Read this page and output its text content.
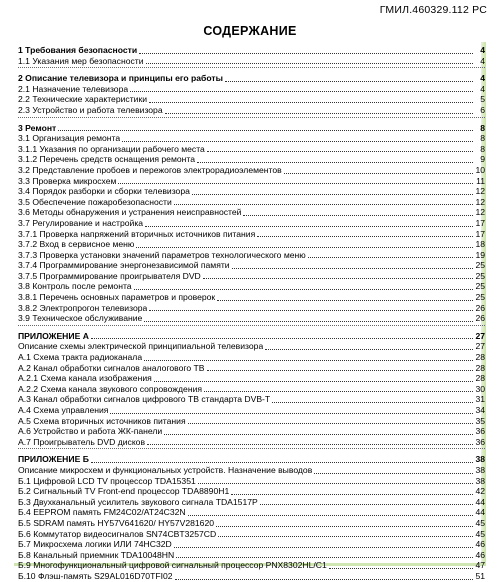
ГМИЛ.460329.112 РС
СОДЕРЖАНИЕ
1 Требования безопасности	4
1.1 Указания мер безопасности	4
2 Описание телевизора и принципы его работы	4
2.1 Назначение телевизора	4
2.2 Технические характеристики	5
2.3 Устройство и работа телевизора	6
3 Ремонт	8
3.1 Организация ремонта	8
3.1.1 Указания по организации рабочего места	8
3.1.2 Перечень средств оснащения ремонта	9
3.2 Представление пробоев и пережогов электрорадиоэлементов	10
3.3 Проверка микросхем	11
3.4 Порядок разборки и сборки телевизора	12
3.5 Обеспечение пожаробезопасности	12
3.6 Методы обнаружения и устранения неисправностей	12
3.7 Регулирование и настройка	17
3.7.1 Проверка напряжений вторичных источников питания	17
3.7.2 Вход в сервисное меню	18
3.7.3 Проверка установки значений параметров технологического меню	19
3.7.4 Программирование энергонезависимой памяти	25
3.7.5 Программирование проигрывателя DVD	25
3.8 Контроль после ремонта	25
3.8.1 Перечень основных параметров и проверок	25
3.8.2 Электропрогон телевизора	26
3.9 Техническое обслуживание	26
ПРИЛОЖЕНИЕ А	27
Описание схемы электрической принципиальной телевизора	27
А.1 Схема тракта радиоканала	28
А.2 Канал обработки сигналов аналогового ТВ	28
А.2.1 Схема канала изображения	28
А.2.2 Схема канала звукового сопровождения	30
А.3 Канал обработки сигналов цифрового ТВ стандарта DVB-T	31
А.4 Схема управления	34
А.5 Схема вторичных источников питания	35
А.6 Устройство и работа ЖК-панели	36
А.7 Проигрыватель DVD дисков	36
ПРИЛОЖЕНИЕ Б	38
Описание микросхем и функциональных устройств. Назначение выводов	38
Б.1 Цифровой LCD TV процессор TDA15351	38
Б.2 Сигнальный TV Front-end процессор TDA8890H1	42
Б.3 Двухканальный усилитель звукового сигнала TDA1517P	44
Б.4 EEPROM память FM24C02/AT24C32N	44
Б.5 SDRAM память HY57V641620/ HY57V281620	45
Б.6 Коммутатор видеосигналов SN74CBT3257CD	45
Б.7 Микросхема логики ИЛИ 74HC32D	46
Б.8 Канальный приемник TDA10048HN	46
Б.9 Многофункциональный цифровой сигнальный процессор PNX8302HL/C1	47
Б.10 Флэш-память S29AL016D70TFI02	51
